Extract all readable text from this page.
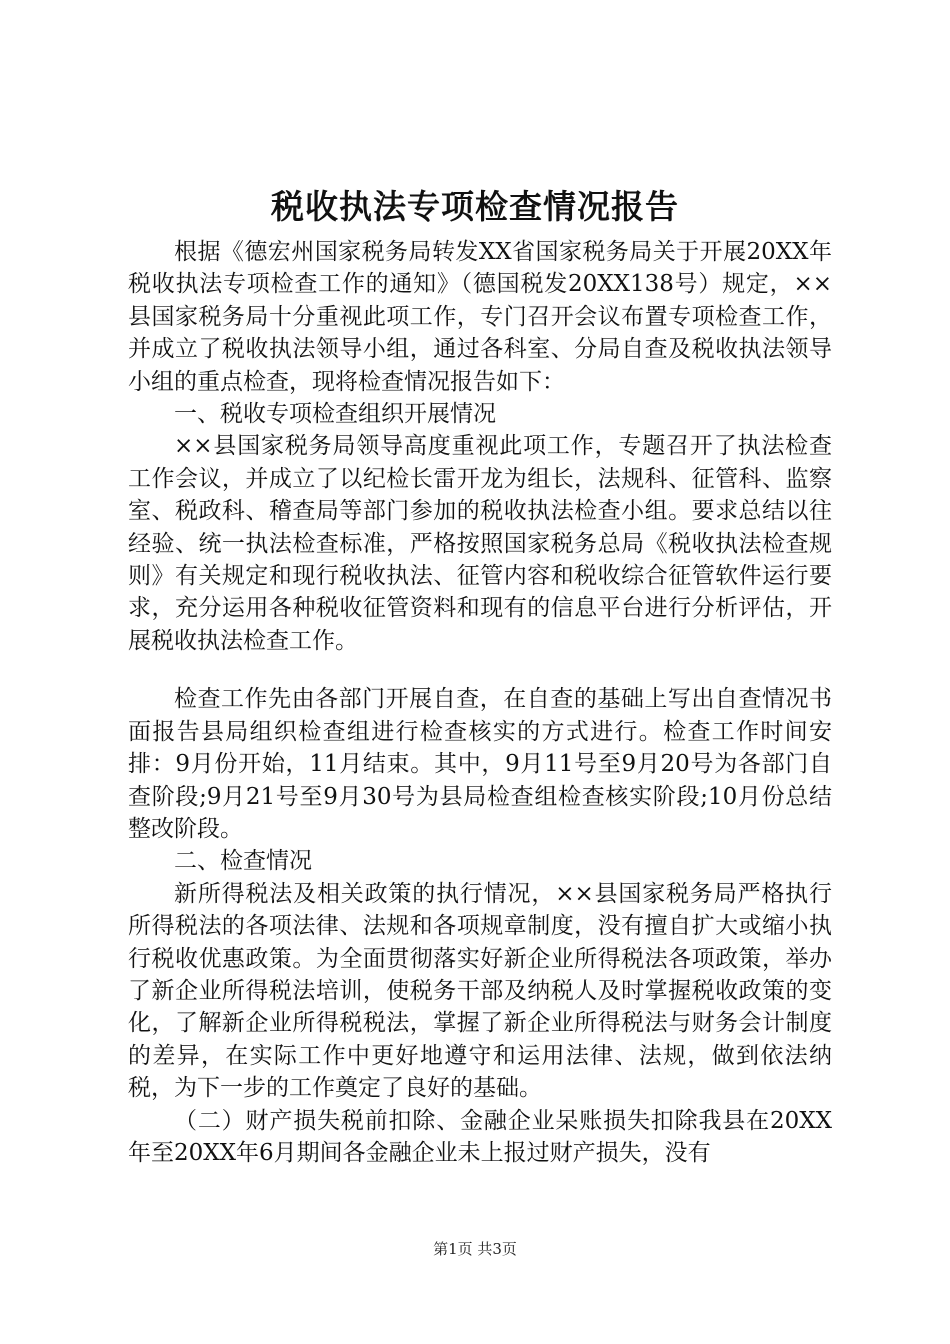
税收执法专项检查情况报告

根据《德宏州国家税务局转发XX省国家税务局关于开展20XX年税收执法专项检查工作的通知》（德国税发20XX138号）规定，××县国家税务局十分重视此项工作，专门召开会议布置专项检查工作，并成立了税收执法领导小组，通过各科室、分局自查及税收执法领导小组的重点检查，现将检查情况报告如下：

一、税收专项检查组织开展情况

××县国家税务局领导高度重视此项工作，专题召开了执法检查工作会议，并成立了以纪检长雷开龙为组长，法规科、征管科、监察室、税政科、稽查局等部门参加的税收执法检查小组。要求总结以往经验、统一执法检查标准，严格按照国家税务总局《税收执法检查规则》有关规定和现行税收执法、征管内容和税收综合征管软件运行要求，充分运用各种税收征管资料和现有的信息平台进行分析评估，开展税收执法检查工作。

检查工作先由各部门开展自查，在自查的基础上写出自查情况书面报告县局组织检查组进行检查核实的方式进行。检查工作时间安排：9月份开始，11月结束。其中，9月11号至9月20号为各部门自查阶段;9月21号至9月30号为县局检查组检查核实阶段;10月份总结整改阶段。

二、检查情况

新所得税法及相关政策的执行情况，××县国家税务局严格执行所得税法的各项法律、法规和各项规章制度，没有擅自扩大或缩小执行税收优惠政策。为全面贯彻落实好新企业所得税法各项政策，举办了新企业所得税法培训，使税务干部及纳税人及时掌握税收政策的变化，了解新企业所得税税法，掌握了新企业所得税法与财务会计制度的差异，在实际工作中更好地遵守和运用法律、法规，做到依法纳税，为下一步的工作奠定了良好的基础。

（二）财产损失税前扣除、金融企业呆账损失扣除我县在20XX年至20XX年6月期间各金融企业未上报过财产损失，没有

第1页 共3页
